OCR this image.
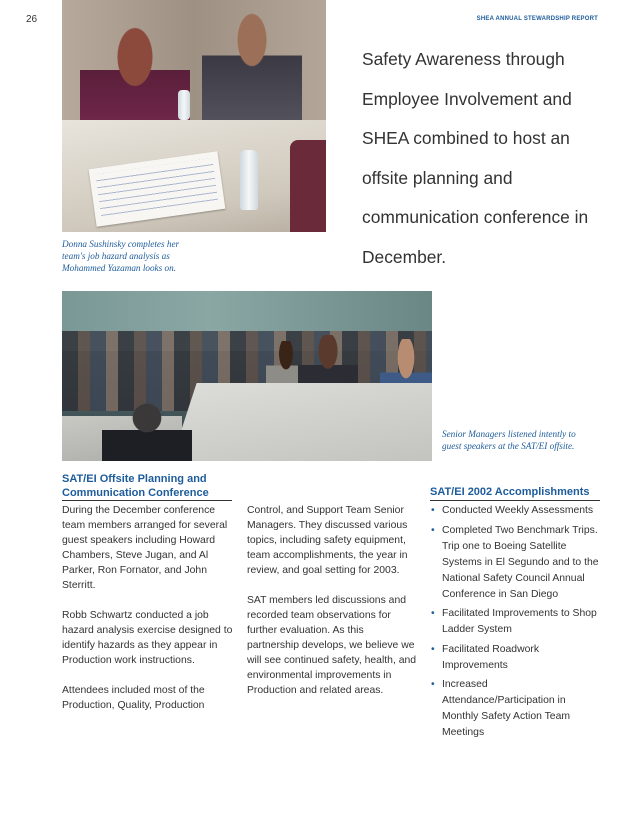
26	SHEA ANNUAL STEWARDSHIP REPORT
Donna Sushinsky completes her team's job hazard analysis as Mohammed Yazaman looks on.
Safety Awareness through Employee Involvement and SHEA combined to host an offsite planning and communication conference in December.
Senior Managers listened intently to guest speakers at the SAT/EI offsite.
SAT/EI Offsite Planning and Communication Conference

During the December conference team members arranged for several guest speakers including Howard Chambers, Steve Jugan, and Al Parker, Ron Fornator, and John Sterritt.

Robb Schwartz conducted a job hazard analysis exercise designed to identify hazards as they appear in Production work instructions.

Attendees included most of the Production, Quality, Production

Control, and Support Team Senior Managers. They discussed various topics, including safety equipment, team accomplishments, the year in review, and goal setting for 2003.

SAT members led discussions and recorded team observations for further evaluation. As this partnership develops, we believe we will see continued safety, health, and environmental improvements in Production and related areas.

SAT/EI 2002 Accomplishments
• Conducted Weekly Assessments
• Completed Two Benchmark Trips. Trip one to Boeing Satellite Systems in El Segundo and to the National Safety Council Annual Conference in San Diego
• Facilitated Improvements to Shop Ladder System
• Facilitated Roadwork Improvements
• Increased Attendance/Participation in Monthly Safety Action Team Meetings
